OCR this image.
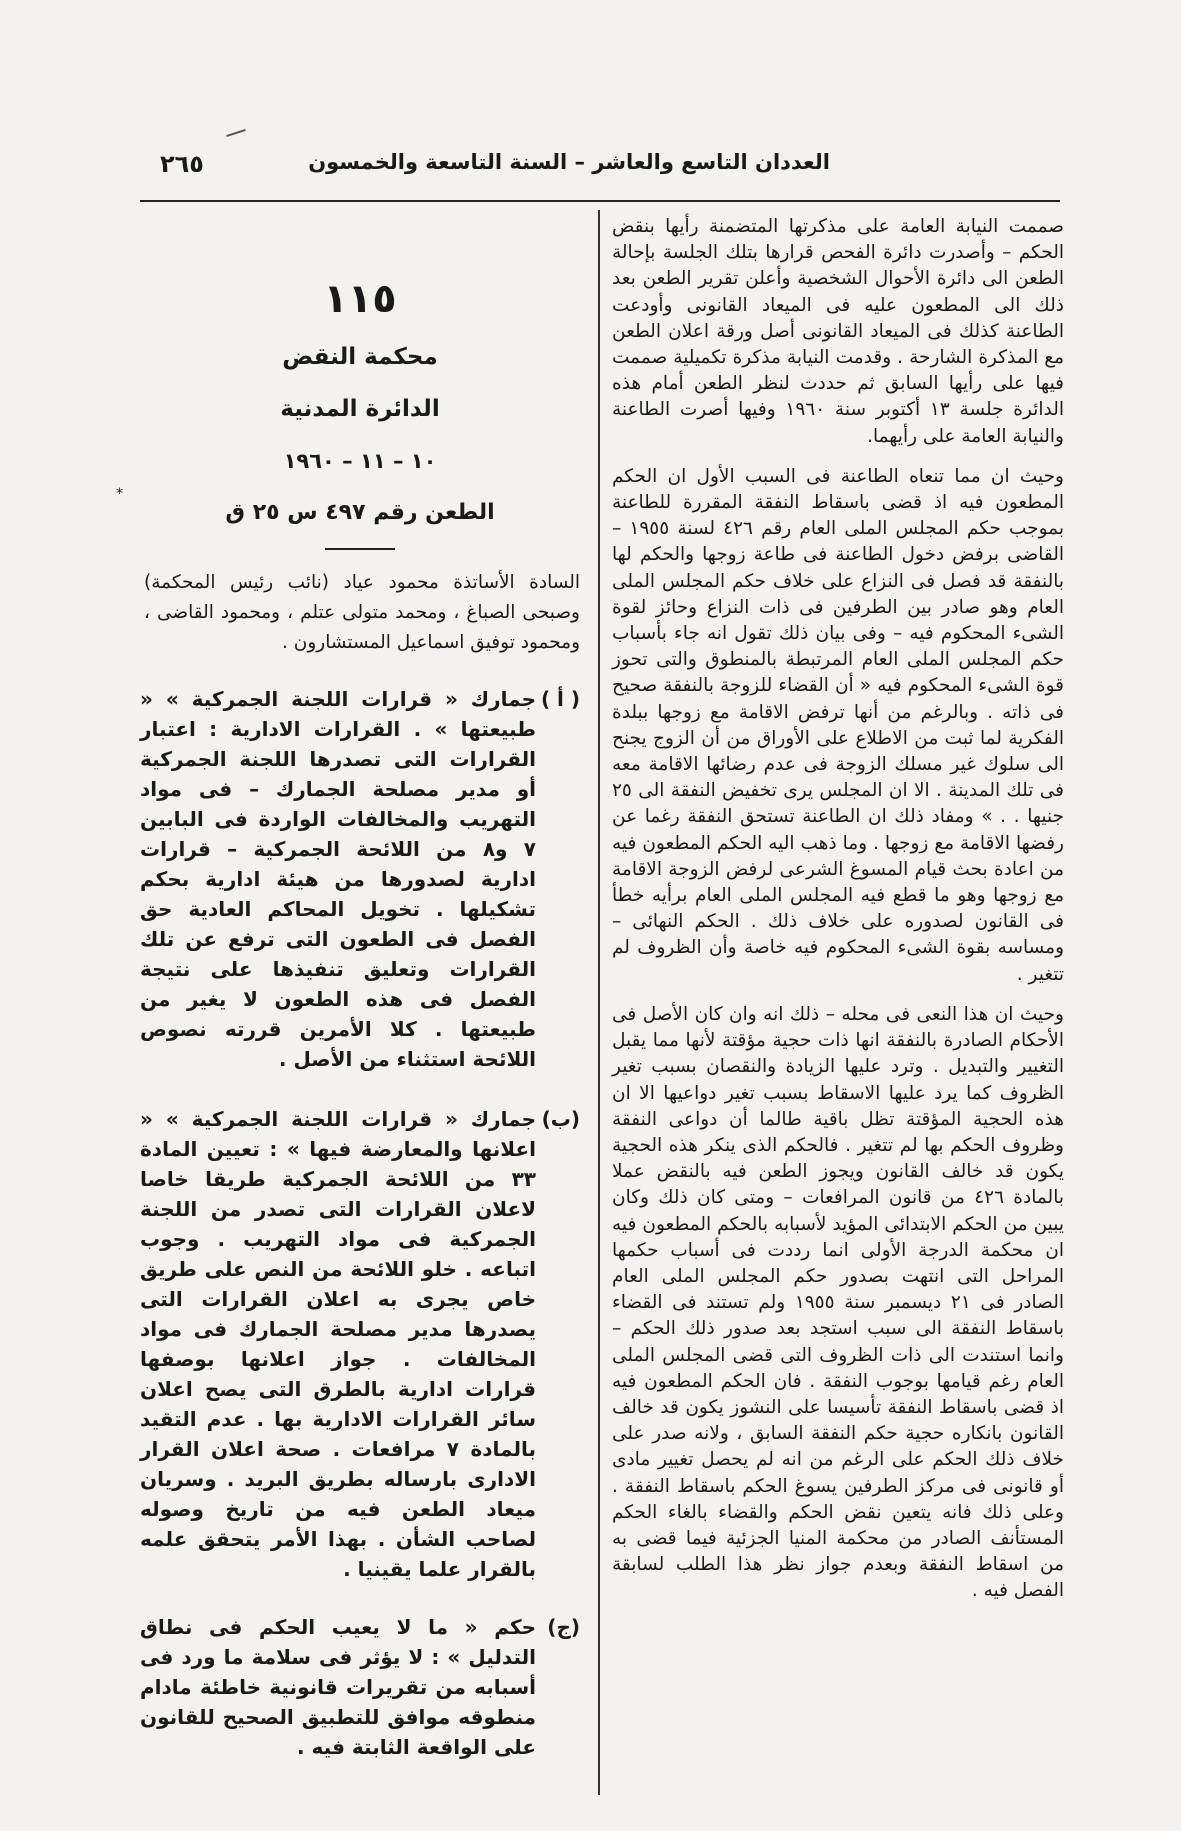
العددان التاسع والعاشر – السنة التاسعة والخمسون
٢٦٥

صممت النيابة العامة على مذكرتها المتضمنة رأيها بنقض الحكم – وأصدرت دائرة الفحص قرارها بتلك الجلسة بإحالة الطعن الى دائرة الأحوال الشخصية وأعلن تقرير الطعن بعد ذلك الى المطعون عليه فى الميعاد القانونى وأودعت الطاعنة كذلك فى الميعاد القانونى أصل ورقة اعلان الطعن مع المذكرة الشارحة . وقدمت النيابة مذكرة تكميلية صممت فيها على رأيها السابق ثم حددت لنظر الطعن أمام هذه الدائرة جلسة ١٣ أكتوبر سنة ١٩٦٠ وفيها أصرت الطاعنة والنيابة العامة على رأيهما.

وحيث ان مما تنعاه الطاعنة فى السبب الأول ان الحكم المطعون فيه اذ قضى باسقاط النفقة المقررة للطاعنة بموجب حكم المجلس الملى العام رقم ٤٢٦ لسنة ١٩٥٥ – القاضى برفض دخول الطاعنة فى طاعة زوجها والحكم لها بالنفقة قد فصل فى النزاع على خلاف حكم المجلس الملى العام وهو صادر بين الطرفين فى ذات النزاع وحائز لقوة الشىء المحكوم فيه – وفى بيان ذلك تقول انه جاء بأسباب حكم المجلس الملى العام المرتبطة بالمنطوق والتى تحوز قوة الشىء المحكوم فيه « أن القضاء للزوجة بالنفقة صحيح فى ذاته . وبالرغم من أنها ترفض الاقامة مع زوجها ببلدة الفكرية لما ثبت من الاطلاع على الأوراق من أن الزوج يجنح الى سلوك غير مسلك الزوجة فى عدم رضائها الاقامة معه فى تلك المدينة . الا ان المجلس يرى تخفيض النفقة الى ٢٥ جنيها . . » ومفاد ذلك ان الطاعنة تستحق النفقة رغما عن رفضها الاقامة مع زوجها . وما ذهب اليه الحكم المطعون فيه من اعادة بحث قيام المسوغ الشرعى لرفض الزوجة الاقامة مع زوجها وهو ما قطع فيه المجلس الملى العام برأيه خطأ فى القانون لصدوره على خلاف ذلك . الحكم النهائى – ومساسه بقوة الشىء المحكوم فيه خاصة وأن الظروف لم تتغير .

وحيث ان هذا النعى فى محله – ذلك انه وان كان الأصل فى الأحكام الصادرة بالنفقة انها ذات حجية مؤقتة لأنها مما يقبل التغيير والتبديل . وترد عليها الزيادة والنقصان بسبب تغير الظروف كما يرد عليها الاسقاط بسبب تغير دواعيها الا ان هذه الحجية المؤقتة تظل باقية طالما أن دواعى النفقة وظروف الحكم بها لم تتغير . فالحكم الذى ينكر هذه الحجية يكون قد خالف القانون ويجوز الطعن فيه بالنقض عملا بالمادة ٤٢٦ من قانون المرافعات – ومتى كان ذلك وكان يبين من الحكم الابتدائى المؤيد لأسبابه بالحكم المطعون فيه ان محكمة الدرجة الأولى انما رددت فى أسباب حكمها المراحل التى انتهت بصدور حكم المجلس الملى العام الصادر فى ٢١ ديسمبر سنة ١٩٥٥ ولم تستند فى القضاء باسقاط النفقة الى سبب استجد بعد صدور ذلك الحكم – وانما استندت الى ذات الظروف التى قضى المجلس الملى العام رغم قيامها بوجوب النفقة . فان الحكم المطعون فيه اذ قضى باسقاط النفقة تأسيسا على النشوز يكون قد خالف القانون بانكاره حجية حكم النفقة السابق ، ولانه صدر على خلاف ذلك الحكم على الرغم من انه لم يحصل تغيير مادى أو قانونى فى مركز الطرفين يسوغ الحكم باسقاط النفقة . وعلى ذلك فانه يتعين نقض الحكم والقضاء بالغاء الحكم المستأنف الصادر من محكمة المنيا الجزئية فيما قضى به من اسقاط النفقة وبعدم جواز نظر هذا الطلب لسابقة الفصل فيه .

*
١١٥
محكمة النقض
الدائرة المدنية
١٠ – ١١ – ١٩٦٠
الطعن رقم ٤٩٧ س ٢٥ ق
السادة الأساتذة محمود عياد (نائب رئيس المحكمة) وصبحى الصباغ ، ومحمد متولى عتلم ، ومحمود القاضى ، ومحمود توفيق اسماعيل المستشارون .
( أ )
جمارك « قرارات اللجنة الجمركية » « طبيعتها » . القرارات الادارية : اعتبار القرارات التى تصدرها اللجنة الجمركية أو مدير مصلحة الجمارك – فى مواد التهريب والمخالفات الواردة فى البابين ٧ و٨ من اللائحة الجمركية – قرارات ادارية لصدورها من هيئة ادارية بحكم تشكيلها . تخويل المحاكم العادية حق الفصل فى الطعون التى ترفع عن تلك القرارات وتعليق تنفيذها على نتيجة الفصل فى هذه الطعون لا يغير من طبيعتها . كلا الأمرين قررته نصوص اللائحة استثناء من الأصل .
(ب)
جمارك « قرارات اللجنة الجمركية » « اعلانها والمعارضة فيها » : تعيين المادة ٣٣ من اللائحة الجمركية طريقا خاصا لاعلان القرارات التى تصدر من اللجنة الجمركية فى مواد التهريب . وجوب اتباعه . خلو اللائحة من النص على طريق خاص يجرى به اعلان القرارات التى يصدرها مدير مصلحة الجمارك فى مواد المخالفات . جواز اعلانها بوصفها قرارات ادارية بالطرق التى يصح اعلان سائر القرارات الادارية بها . عدم التقيد بالمادة ٧ مرافعات . صحة اعلان القرار الادارى بارساله بطريق البريد . وسريان ميعاد الطعن فيه من تاريخ وصوله لصاحب الشأن . بهذا الأمر يتحقق علمه بالقرار علما يقينيا .
(ج)
حكم « ما لا يعيب الحكم فى نطاق التدليل » : لا يؤثر فى سلامة ما ورد فى أسبابه من تقريرات قانونية خاطئة مادام منطوقه موافق للتطبيق الصحيح للقانون على الواقعة الثابتة فيه .
